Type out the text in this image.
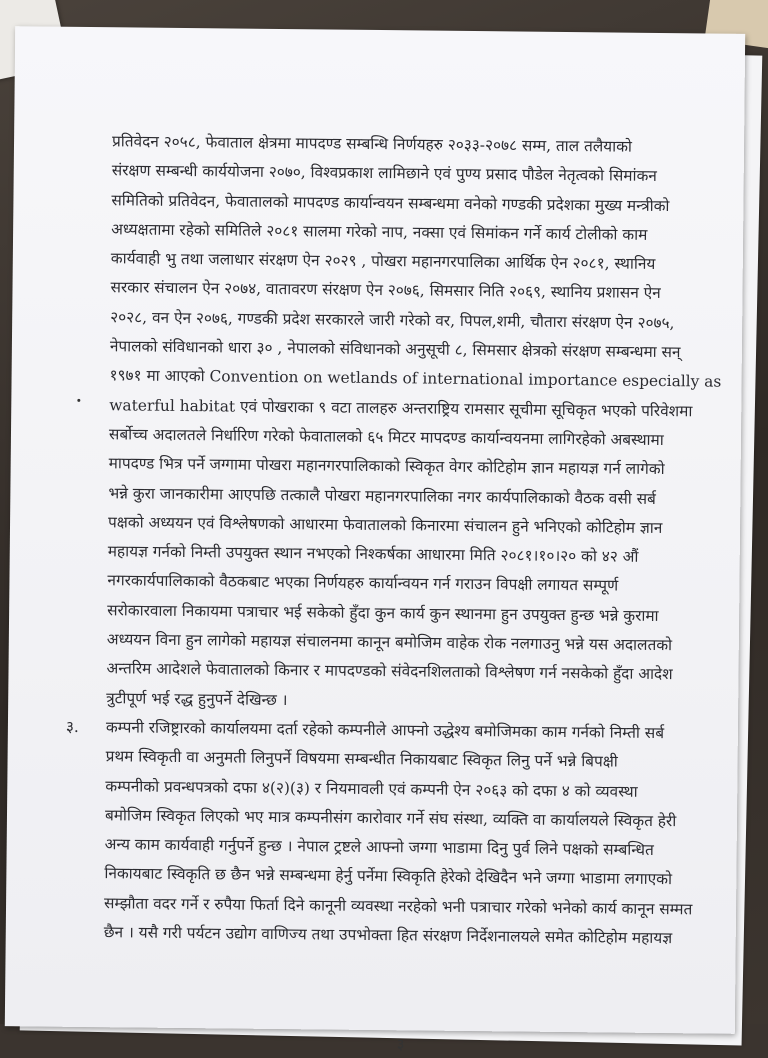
प्रतिवेदन २०५८, फेवाताल क्षेत्रमा मापदण्ड सम्बन्धि निर्णयहरु २०३३-२०७८ सम्म, ताल तलैयाको
संरक्षण सम्बन्धी कार्ययोजना २०७०, विश्वप्रकाश लामिछाने एवं पुण्य प्रसाद पौडेल नेतृत्वको सिमांकन
समितिको प्रतिवेदन, फेवातालको मापदण्ड कार्यान्वयन सम्बन्धमा वनेको गण्डकी प्रदेशका मुख्य मन्त्रीको
अध्यक्षतामा रहेको समितिले २०८१ सालमा गरेको नाप, नक्सा एवं सिमांकन गर्ने कार्य टोलीको काम
कार्यवाही भु तथा जलाधार संरक्षण ऐन २०२९ , पोखरा महानगरपालिका आर्थिक ऐन २०८१, स्थानिय
सरकार संचालन ऐन २०७४, वातावरण संरक्षण ऐन २०७६, सिमसार निति २०६९, स्थानिय प्रशासन ऐन
२०२८, वन ऐन २०७६, गण्डकी प्रदेश सरकारले जारी गरेको वर, पिपल,शमी, चौतारा संरक्षण ऐन २०७५,
नेपालको संविधानको धारा ३० , नेपालको संविधानको अनुसूची ८, सिमसार क्षेत्रको संरक्षण सम्बन्धमा सन्
१९७१ मा आएको Convention on wetlands of international importance especially as
waterful habitat एवं पोखराका ९ वटा तालहरु अन्तराष्ट्रिय रामसार सूचीमा सूचिकृत भएको परिवेशमा
सर्बोच्च अदालतले निर्धारिण गरेको फेवातालको ६५ मिटर मापदण्ड कार्यान्वयनमा लागिरहेको अबस्थामा
मापदण्ड भित्र पर्ने जग्गामा पोखरा महानगरपालिकाको स्विकृत वेगर कोटिहोम ज्ञान महायज्ञ गर्न लागेको
भन्ने कुरा जानकारीमा आएपछि तत्कालै पोखरा महानगरपालिका नगर कार्यपालिकाको वैठक वसी सर्ब
पक्षको अध्ययन एवं विश्लेषणको आधारमा फेवातालको किनारमा संचालन हुने भनिएको कोटिहोम ज्ञान
महायज्ञ गर्नको निम्ती उपयुक्त स्थान नभएको निश्कर्षका आधारमा मिति २०८१।१०।२० को ४२ औं
नगरकार्यपालिकाको वैठकबाट भएका निर्णयहरु कार्यान्वयन गर्न गराउन विपक्षी लगायत सम्पूर्ण
सरोकारवाला निकायमा पत्राचार भई सकेको हुँदा कुन कार्य कुन स्थानमा हुन उपयुक्त हुन्छ भन्ने कुरामा
अध्ययन विना हुन लागेको महायज्ञ संचालनमा कानून बमोजिम वाहेक रोक नलगाउनु भन्ने यस अदालतको
अन्तरिम आदेशले फेवातालको किनार र मापदण्डको संवेदनशिलताको विश्लेषण गर्न नसकेको हुँदा आदेश
त्रुटीपूर्ण भई रद्ध हुनुपर्ने देखिन्छ ।

३.	कम्पनी रजिष्ट्रारको कार्यालयमा दर्ता रहेको कम्पनीले आफ्नो उद्धेश्य बमोजिमका काम गर्नको निम्ती सर्ब
प्रथम स्विकृती वा अनुमती लिनुपर्ने विषयमा सम्बन्धीत निकायबाट स्विकृत लिनु पर्ने भन्ने बिपक्षी
कम्पनीको प्रवन्धपत्रको दफा ४(२)(३) र नियमावली एवं कम्पनी ऐन २०६३ को दफा ४ को व्यवस्था
बमोजिम स्विकृत लिएको भए मात्र कम्पनीसंग कारोवार गर्ने संघ संस्था, व्यक्ति वा कार्यालयले स्विकृत हेरी
अन्य काम कार्यवाही गर्नुपर्ने हुन्छ । नेपाल ट्रष्टले आफ्नो जग्गा भाडामा दिनु पुर्व लिने पक्षको सम्बन्धित
निकायबाट स्विकृति छ छैन भन्ने सम्बन्धमा हेर्नु पर्नेमा स्विकृति हेरेको देखिदैन भने जग्गा भाडामा लगाएको
सम्झौता वदर गर्ने र रुपैया फिर्ता दिने कानूनी व्यवस्था नरहेको भनी पत्राचार गरेको भनेको कार्य कानून सम्मत
छैन । यसै गरी पर्यटन उद्योग वाणिज्य तथा उपभोक्ता हित संरक्षण निर्देशनालयले समेत कोटिहोम महायज्ञ
३
